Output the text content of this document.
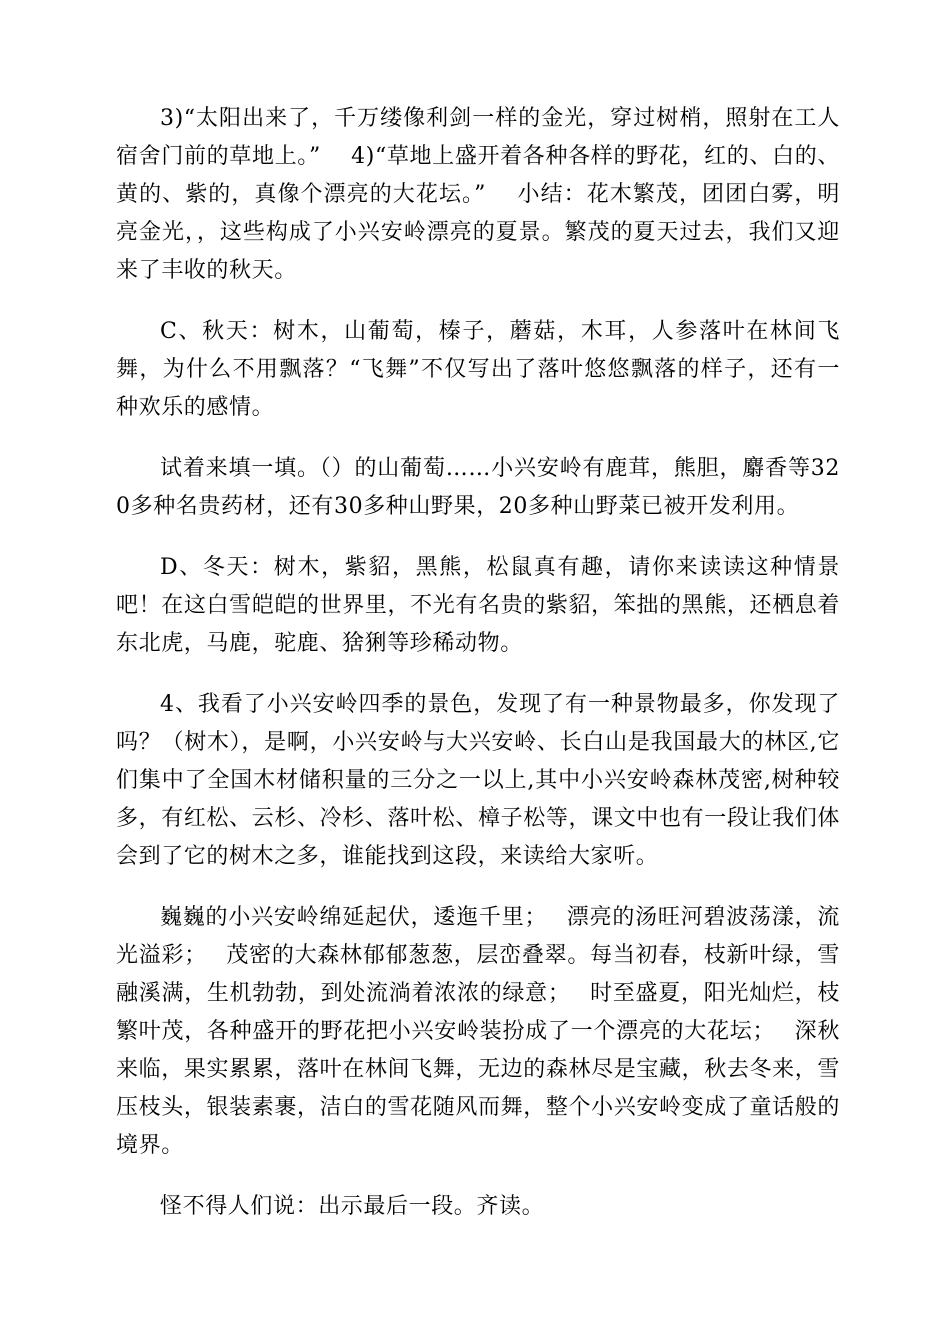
3)“太阳出来了，千万缕像利剑一样的金光，穿过树梢，照射在工人宿舍门前的草地上。”　 4)“草地上盛开着各种各样的野花，红的、白的、黄的、紫的，真像个漂亮的大花坛。”　 小结：花木繁茂，团团白雾，明亮金光，，这些构成了小兴安岭漂亮的夏景。繁茂的夏天过去，我们又迎来了丰收的秋天。

C、秋天：树木，山葡萄，榛子，蘑菇，木耳，人参落叶在林间飞舞，为什么不用飘落？“飞舞”不仅写出了落叶悠悠飘落的样子，还有一种欢乐的感情。

试着来填一填。（）的山葡萄……小兴安岭有鹿茸，熊胆，麝香等320多种名贵药材，还有30多种山野果，20多种山野菜已被开发利用。

D、冬天：树木，紫貂，黑熊，松鼠真有趣，请你来读读这种情景吧！在这白雪皑皑的世界里，不光有名贵的紫貂，笨拙的黑熊，还栖息着东北虎，马鹿，驼鹿、猞猁等珍稀动物。

4、我看了小兴安岭四季的景色，发现了有一种景物最多，你发现了吗？（树木），是啊，小兴安岭与大兴安岭、长白山是我国最大的林区,它们集中了全国木材储积量的三分之一以上,其中小兴安岭森林茂密,树种较多，有红松、云杉、冷杉、落叶松、樟子松等，课文中也有一段让我们体会到了它的树木之多，谁能找到这段，来读给大家听。

巍巍的小兴安岭绵延起伏，逶迤千里；　 漂亮的汤旺河碧波荡漾，流光溢彩；　 茂密的大森林郁郁葱葱，层峦叠翠。每当初春，枝新叶绿，雪融溪满，生机勃勃，到处流淌着浓浓的绿意；　 时至盛夏，阳光灿烂，枝繁叶茂，各种盛开的野花把小兴安岭装扮成了一个漂亮的大花坛；　 深秋来临，果实累累，落叶在林间飞舞，无边的森林尽是宝藏，秋去冬来，雪压枝头，银装素裹，洁白的雪花随风而舞，整个小兴安岭变成了童话般的境界。

怪不得人们说：出示最后一段。齐读。
